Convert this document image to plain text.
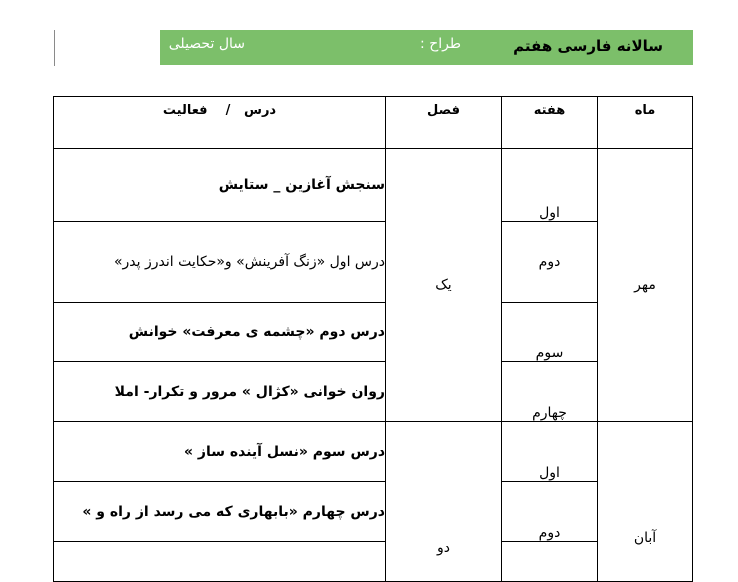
سالانه فارسی هفتم
طراح :
سال تحصیلی
ماه	هفته	فصل	درس   /    فعالیت
مهر	اول	یک	سنجش آغازین _ ستایش
	دوم		درس اول «زنگ آفرینش» و«حکایت اندرز پدر»
	سوم		درس دوم «چشمه ی معرفت» خوانش
	چهارم		روان خوانی «کژال » مرور و تکرار- املا
آبان	اول	دو	درس سوم «نسل آینده ساز »
	دوم		درس چهارم «بابهاری که می رسد از راه و »
